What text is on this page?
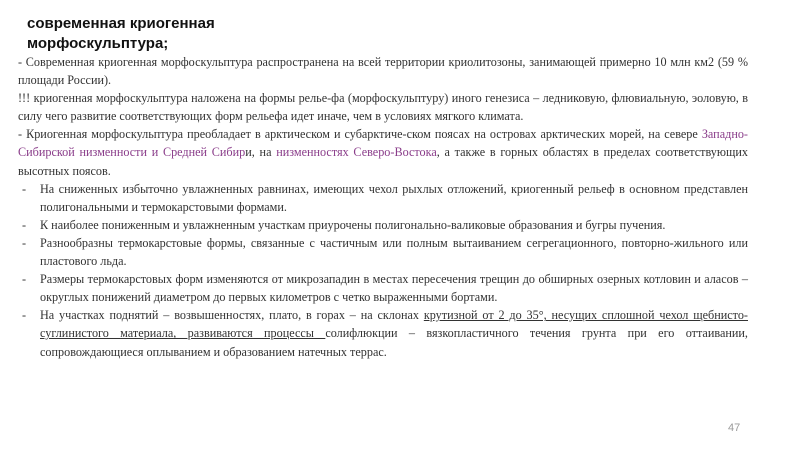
современная криогенная морфоскульптура;

- Современная криогенная морфоскульптура распространена на всей территории криолитозоны, занимающей примерно 10 млн км2 (59 % площади России).

!!! криогенная морфоскульптура наложена на формы релье-фа (морфоскульптуру) иного генезиса – ледниковую, флювиальную, эоловую, в силу чего развитие соответствующих форм рельефа идет иначе, чем в условиях мягкого климата.

- Криогенная морфоскульптура преобладает в арктическом и субарктиче-ском поясах на островах арктических морей, на севере Западно-Сибирской низменности и Средней Сибири, на низменностях Северо-Востока, а также в горных областях в пределах соответствующих высотных поясов.

- На сниженных избыточно увлажненных равнинах, имеющих чехол рыхлых отложений, криогенный рельеф в основном представлен полигональными и термокарстовыми формами.

- К наиболее пониженным и увлажненным участкам приурочены полигонально-валиковые образования и бугры пучения.

- Разнообразны термокарстовые формы, связанные с частичным или полным вытаиванием сегрегационного, повторно-жильного или пластового льда.

- Размеры термокарстовых форм изменяются от микрозападин в местах пересечения трещин до обширных озерных котловин и аласов – округлых понижений диаметром до первых километров с четко выраженными бортами.

- На участках поднятий – возвышенностях, плато, в горах – на склонах крутизной от 2 до 35°, несущих сплошной чехол щебнисто-суглинистого материала, развиваются процессы солифлюкции – вязкопластичного течения грунта при его оттаивании, сопровождающиеся оплыванием и образованием натечных террас.

47
